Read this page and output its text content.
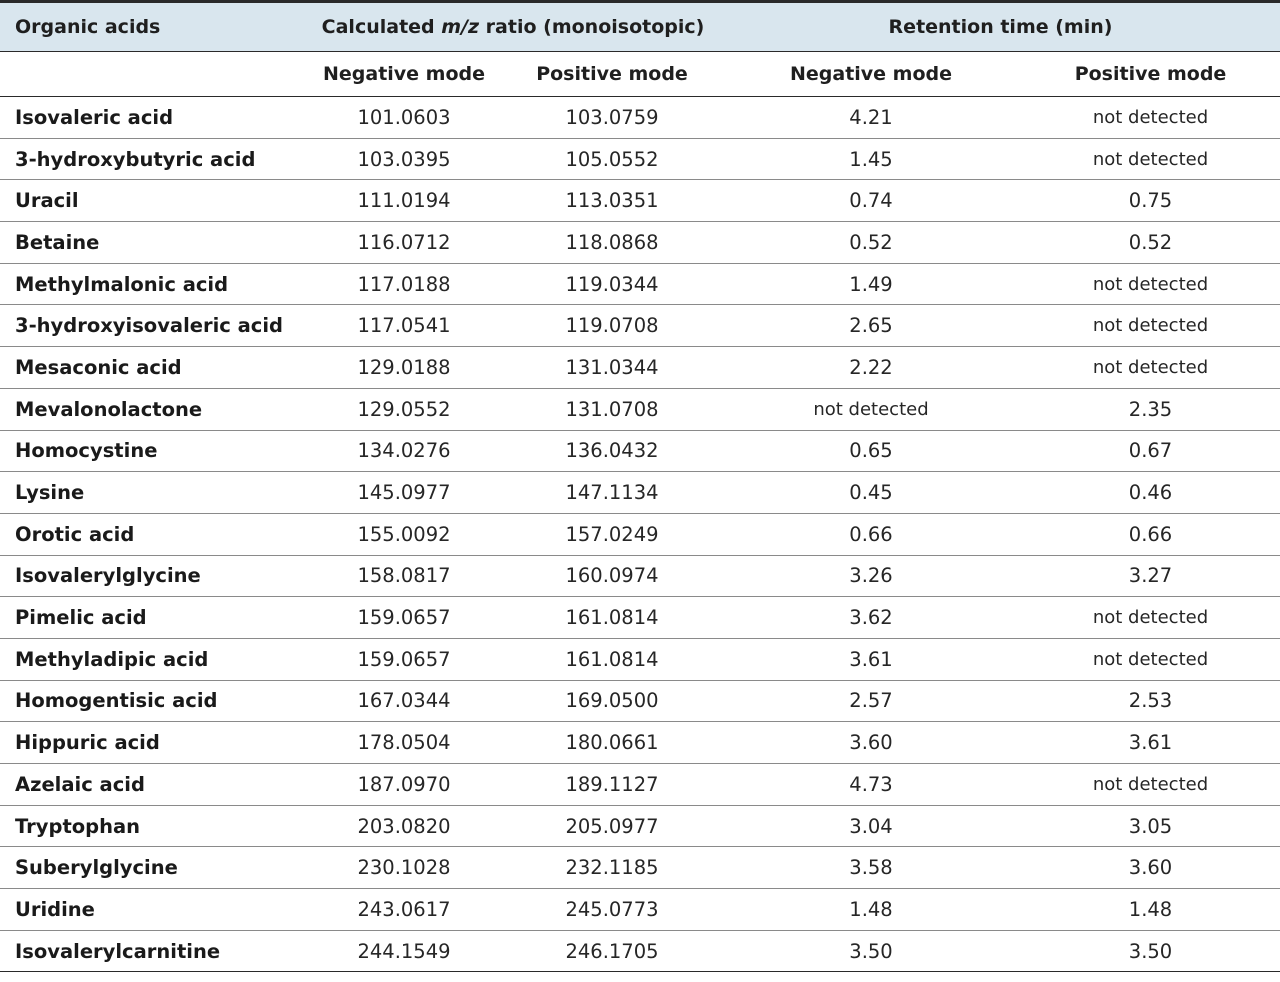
Organic acids	Calculated m/z ratio (monoisotopic)		Retention time (min)	
	Negative mode	Positive mode	Negative mode	Positive mode
Isovaleric acid	101.0603	103.0759	4.21	not detected
3-hydroxybutyric acid	103.0395	105.0552	1.45	not detected
Uracil	111.0194	113.0351	0.74	0.75
Betaine	116.0712	118.0868	0.52	0.52
Methylmalonic acid	117.0188	119.0344	1.49	not detected
3-hydroxyisovaleric acid	117.0541	119.0708	2.65	not detected
Mesaconic acid	129.0188	131.0344	2.22	not detected
Mevalonolactone	129.0552	131.0708	not detected	2.35
Homocystine	134.0276	136.0432	0.65	0.67
Lysine	145.0977	147.1134	0.45	0.46
Orotic acid	155.0092	157.0249	0.66	0.66
Isovalerylglycine	158.0817	160.0974	3.26	3.27
Pimelic acid	159.0657	161.0814	3.62	not detected
Methyladipic acid	159.0657	161.0814	3.61	not detected
Homogentisic acid	167.0344	169.0500	2.57	2.53
Hippuric acid	178.0504	180.0661	3.60	3.61
Azelaic acid	187.0970	189.1127	4.73	not detected
Tryptophan	203.0820	205.0977	3.04	3.05
Suberylglycine	230.1028	232.1185	3.58	3.60
Uridine	243.0617	245.0773	1.48	1.48
Isovalerylcarnitine	244.1549	246.1705	3.50	3.50
